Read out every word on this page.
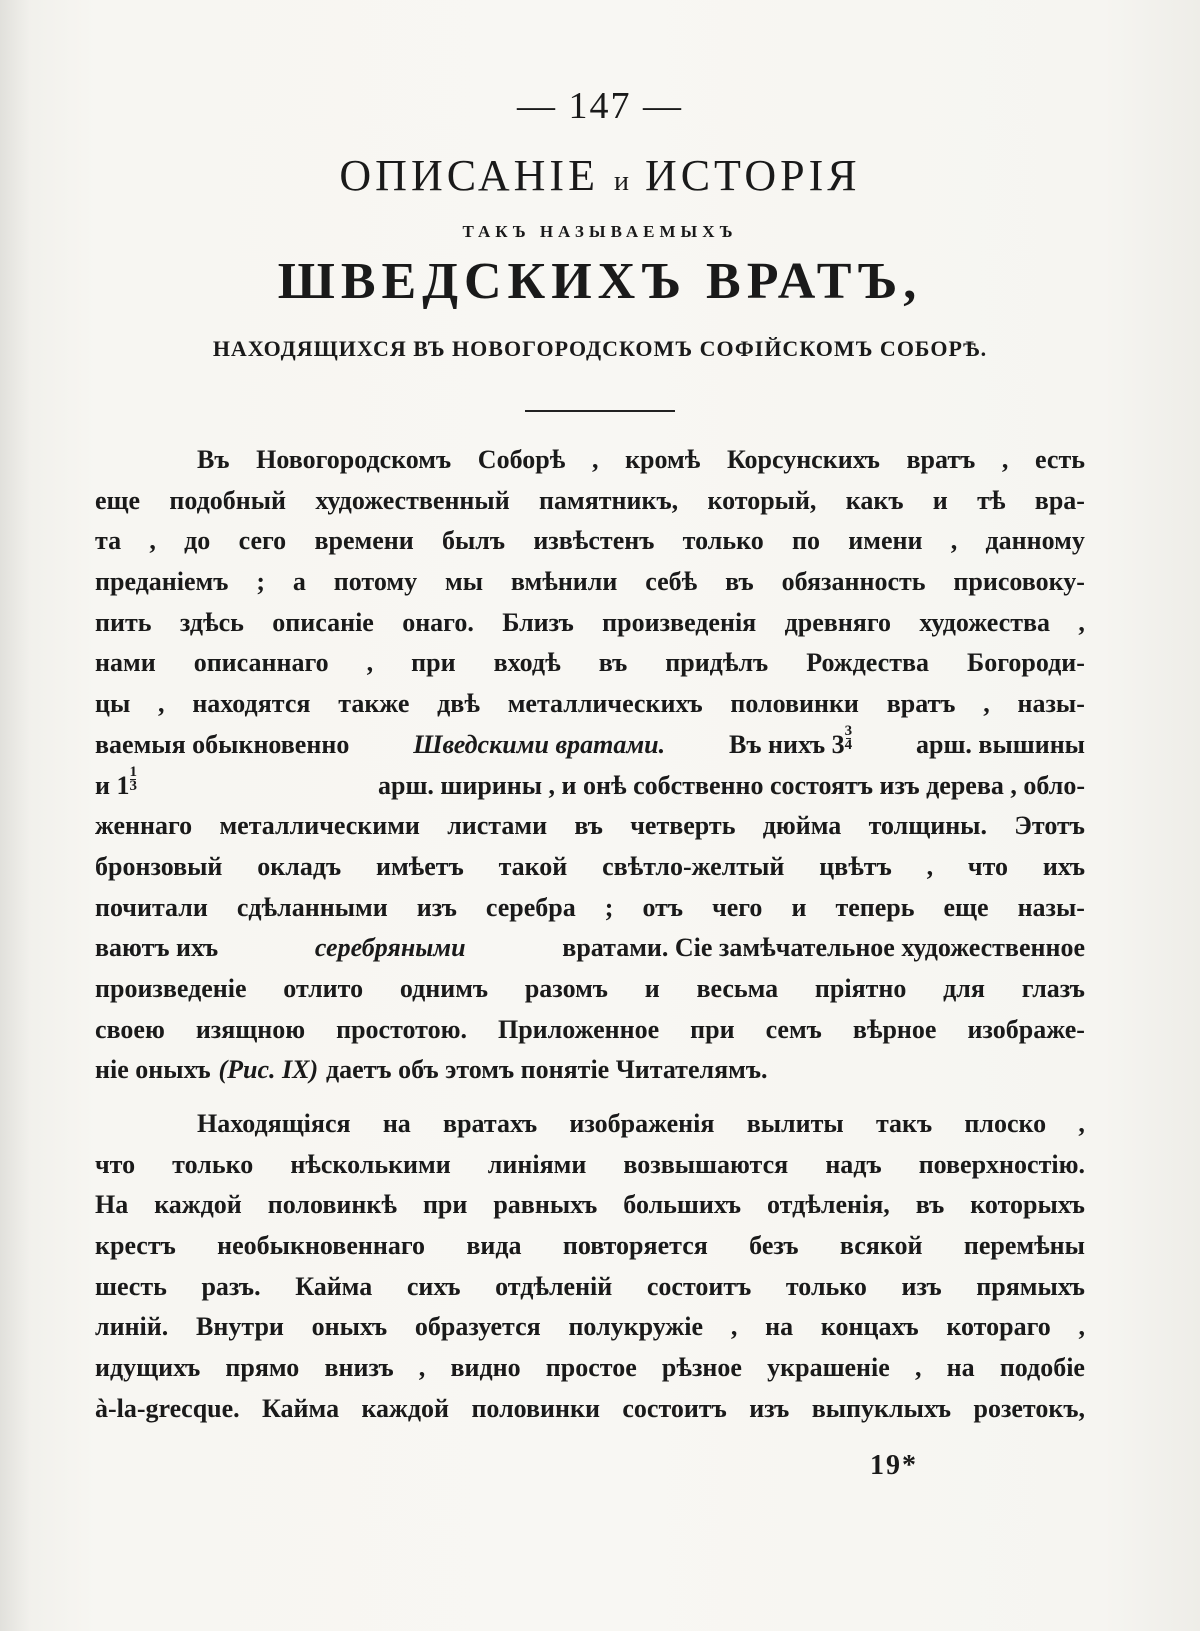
— 147 —
ОПИСАНІЕ и ИСТОРІЯ
ТАКЪ НАЗЫВАЕМЫХЪ
ШВЕДСКИХЪ ВРАТЪ,
НАХОДЯЩИХСЯ ВЪ НОВОГОРОДСКОМЪ СОФІЙСКОМЪ СОБОРѢ.
Въ Новогородскомъ Соборѣ , кромѣ Корсунскихъ вратъ , есть
еще подобный художественный памятникъ, который, какъ и тѣ вра-
та , до сего времени былъ извѣстенъ только по имени , данному
преданіемъ ; а потому мы вмѣнили себѣ въ обязанность присовоку-
пить здѣсь описаніе онаго. Близъ произведенія древняго художества ,
нами описаннаго , при входѣ въ придѣлъ Рождества Богороди-
цы , находятся также двѣ металлическихъ половинки вратъ , назы-
ваемыя обыкновенно Шведскими вратами. Въ нихъ $3 \frac{3}{4}$ арш. вышины
и $1 \frac{1}{3}$	арш. ширины , и онѣ собственно состоятъ изъ дерева , обло-
женнаго металлическими листами въ четверть дюйма толщины. Этотъ
бронзовый окладъ имѣетъ такой свѣтло-желтый цвѣтъ , что ихъ
почитали сдѣланными изъ серебра ; отъ чего и теперь еще назы-
ваютъ ихъ	серебряными	вратами. Сіе замѣчательное художественное
произведеніе отлито однимъ разомъ и весьма пріятно для глазъ
своею изящною простотою. Приложенное при семъ вѣрное изображе-
ніе оныхъ (Рис. IX) даетъ объ этомъ понятіе Читателямъ.
Находящіяся на вратахъ изображенія вылиты такъ плоско ,
что только нѣсколькими линіями возвышаются надъ поверхностію.
На каждой половинкѣ при равныхъ большихъ отдѣленія, въ которыхъ
крестъ необыкновеннаго вида повторяется безъ всякой перемѣны
шесть разъ. Кайма сихъ отдѣленій состоитъ только изъ прямыхъ
линій. Внутри оныхъ образуется полукружіе , на концахъ котораго ,
идущихъ прямо внизъ , видно простое рѣзное украшеніе , на подобіе
à-la-grecque. Кайма каждой половинки состоитъ изъ выпуклыхъ розетокъ,
19*
